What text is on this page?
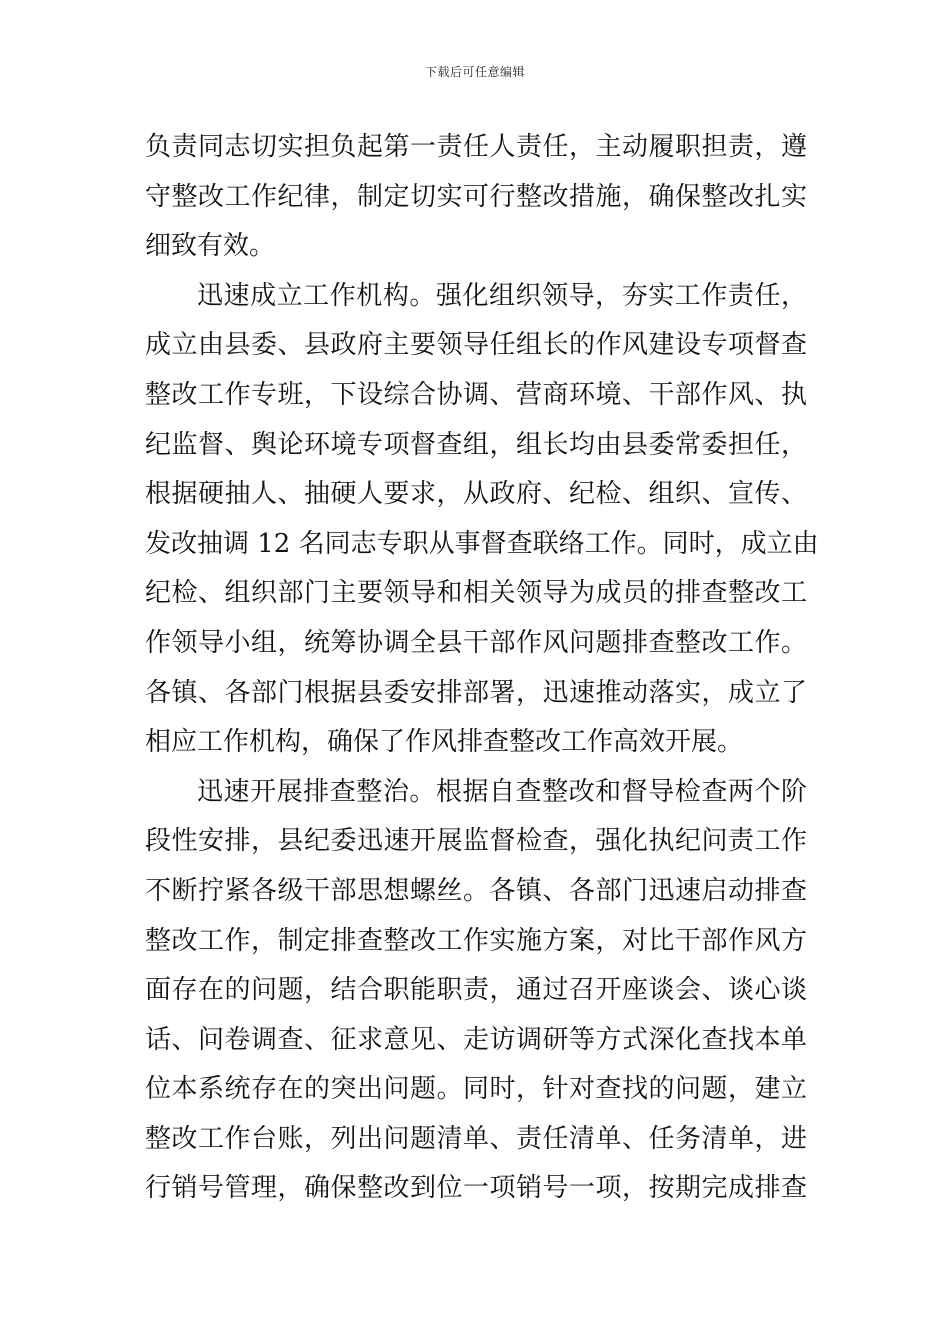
下载后可任意编辑
负责同志切实担负起第一责任人责任，主动履职担责，遵
守整改工作纪律，制定切实可行整改措施，确保整改扎实
细致有效。
迅速成立工作机构。强化组织领导，夯实工作责任，
成立由县委、县政府主要领导任组长的作风建设专项督查
整改工作专班，下设综合协调、营商环境、干部作风、执
纪监督、舆论环境专项督查组，组长均由县委常委担任，
根据硬抽人、抽硬人要求，从政府、纪检、组织、宣传、
发改抽调 12 名同志专职从事督查联络工作。同时，成立由
纪检、组织部门主要领导和相关领导为成员的排查整改工
作领导小组，统筹协调全县干部作风问题排查整改工作。
各镇、各部门根据县委安排部署，迅速推动落实，成立了
相应工作机构，确保了作风排查整改工作高效开展。
迅速开展排查整治。根据自查整改和督导检查两个阶
段性安排，县纪委迅速开展监督检查，强化执纪问责工作
不断拧紧各级干部思想螺丝。各镇、各部门迅速启动排查
整改工作，制定排查整改工作实施方案，对比干部作风方
面存在的问题，结合职能职责，通过召开座谈会、谈心谈
话、问卷调查、征求意见、走访调研等方式深化查找本单
位本系统存在的突出问题。同时，针对查找的问题，建立
整改工作台账，列出问题清单、责任清单、任务清单，进
行销号管理，确保整改到位一项销号一项，按期完成排查
